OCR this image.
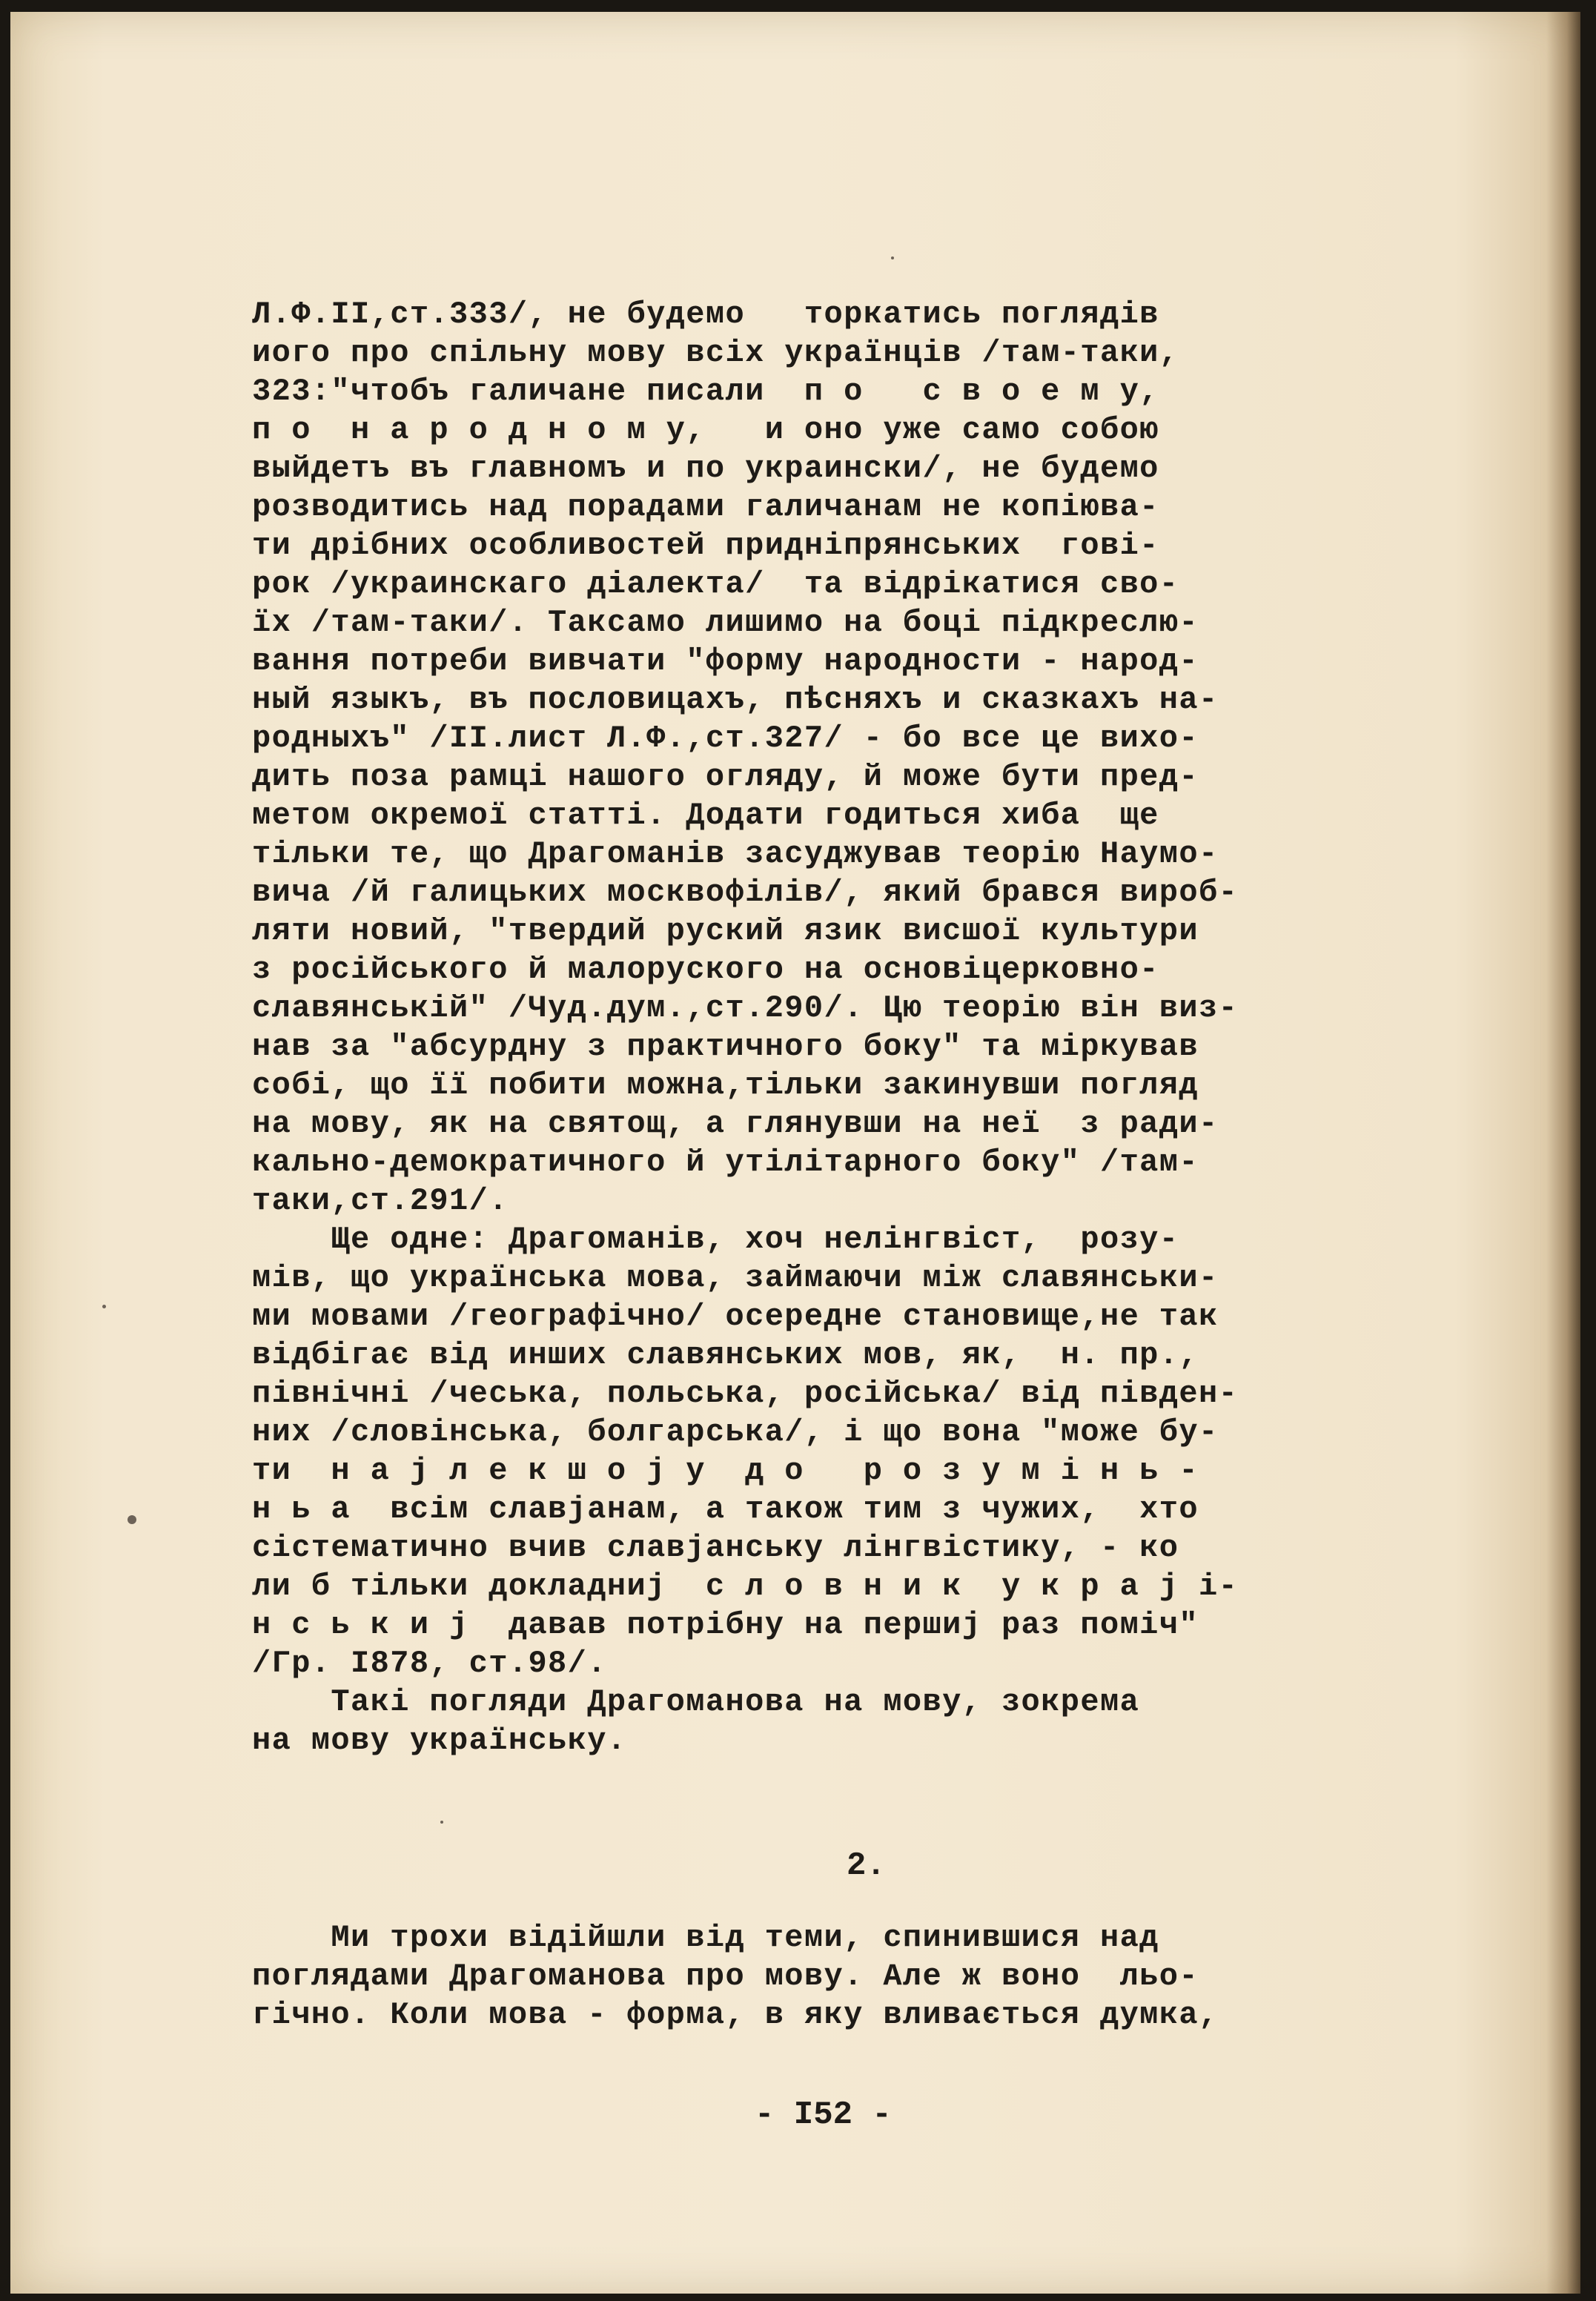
Л.Ф.ІІ,ст.333/, не будемо   торкатись поглядів

иого про спільну мову всіх українців /там-таки,

323:"чтобъ галичане писали  п о   с в о е м у,

п о  н а р о д н о м у,   и оно уже само собою

выйдетъ въ главномъ и по украински/, не будемо

розводитись над порадами галичанам не копіюва-

ти дрібних особливостей придніпрянських  гові-

рок /украинскаго діалекта/  та відрікатися сво-

їх /там-таки/. Таксамо лишимо на боці підкреслю-

вання потреби вивчати "форму народности - народ-

ный языкъ, въ пословицахъ, пѣсняхъ и сказкахъ на-

родныхъ" /ІІ.лист Л.Ф.,ст.327/ - бо все це вихо-

дить поза рамці нашого огляду, й може бути пред-

метом окремої статті. Додати годиться хиба  ще

тільки те, що Драгоманів засуджував теорію Наумо-

вича /й галицьких москвофілів/, який брався вироб-

ляти новий, "твердий руский язик висшої культури

з російського й малоруского на основіцерковно-

славянській" /Чуд.дум.,ст.290/. Цю теорію він виз-

нав за "абсурдну з практичного боку" та міркував

собі, що її побити можна,тільки закинувши погляд

на мову, як на святощ, а глянувши на неї  з ради-

кально-демократичного й утілітарного боку" /там-

таки,ст.291/.

Ще одне: Драгоманів, хоч нелінгвіст,  розу-

мів, що українська мова, займаючи між славянськи-

ми мовами /географічно/ осередне становище,не так

відбігає від инших славянських мов, як,  н. пр.,

північні /чеська, польська, російська/ від півден-

них /словінська, болгарська/, і що вона "може бу-

ти  н а ј л е к ш о ј у  д о   р о з у м і н ь -

н ь а  всім славјанам, а також тим з чужих,  хто

сістематично вчив славјанську лінгвістику, - ко

ли б тільки докладниј  с л о в н и к  у к р а ј і-

н с ь к и ј  давав потрібну на першиј раз поміч"

/Гр. І878, ст.98/.

Такі погляди Драгоманова на мову, зокрема

на мову українську.

2.

Ми трохи відійшли від теми, спинившися над

поглядами Драгоманова про мову. Але ж воно  льо-

гічно. Коли мова - форма, в яку вливається думка,

- І52 -
